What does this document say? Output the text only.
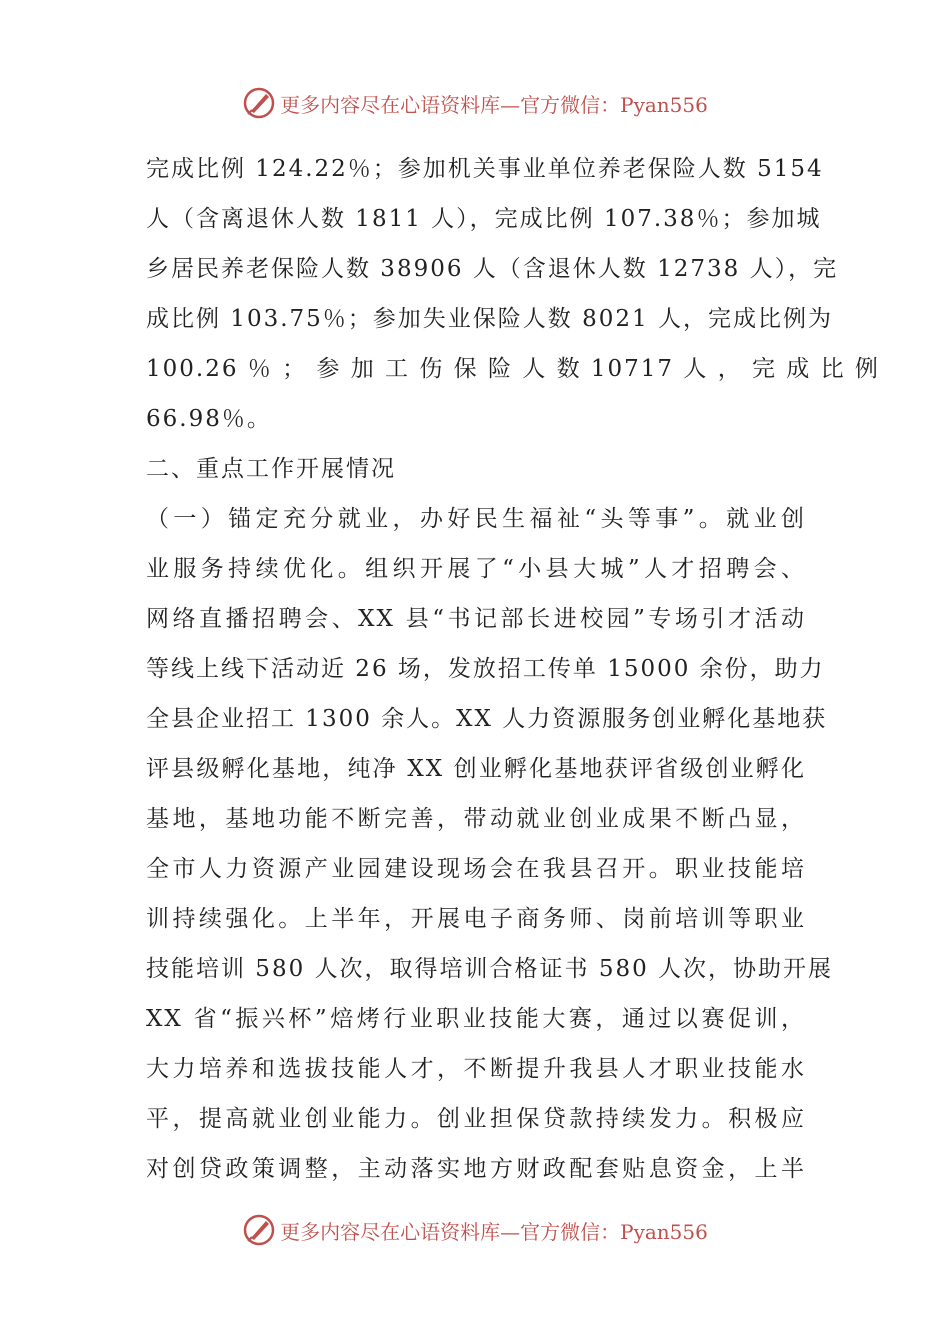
更多内容尽在心语资料库—官方微信：Pyan556
完成比例 124.22％；参加机关事业单位养老保险人数 5154
人（含离退休人数 1811 人），完成比例 107.38％；参加城
乡居民养老保险人数 38906 人（含退休人数 12738 人），完
成比例 103.75％；参加失业保险人数 8021 人，完成比例为
100.26 ％ ； 参 加 工 伤 保 险 人 数 10717 人 ， 完 成 比 例
66.98％。
二、重点工作开展情况
（一）锚定充分就业，办好民生福祉“头等事”。就业创
业服务持续优化。组织开展了“小县大城”人才招聘会、
网络直播招聘会、XX 县“书记部长进校园”专场引才活动
等线上线下活动近 26 场，发放招工传单 15000 余份，助力
全县企业招工 1300 余人。XX 人力资源服务创业孵化基地获
评县级孵化基地，纯净 XX 创业孵化基地获评省级创业孵化
基地，基地功能不断完善，带动就业创业成果不断凸显，
全市人力资源产业园建设现场会在我县召开。职业技能培
训持续强化。上半年，开展电子商务师、岗前培训等职业
技能培训 580 人次，取得培训合格证书 580 人次，协助开展
XX 省“振兴杯”焙烤行业职业技能大赛，通过以赛促训，
大力培养和选拔技能人才，不断提升我县人才职业技能水
平，提高就业创业能力。创业担保贷款持续发力。积极应
对创贷政策调整，主动落实地方财政配套贴息资金，上半
更多内容尽在心语资料库—官方微信：Pyan556
